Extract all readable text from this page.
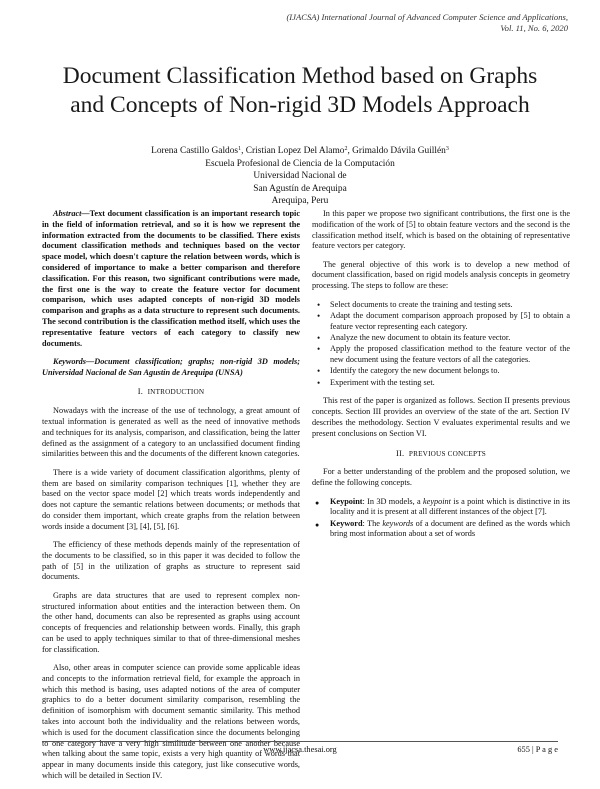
(IJACSA) International Journal of Advanced Computer Science and Applications,
Vol. 11, No. 6, 2020
Document Classification Method based on Graphs
and Concepts of Non-rigid 3D Models Approach
Lorena Castillo Galdos$^1$, Cristian Lopez Del Alamo$^2$, Grimaldo Dávila Guillén$^3$
Escuela Profesional de Ciencia de la Computación
Universidad Nacional de
San Agustín de Arequipa
Arequipa, Peru

Abstract—Text document classification is an important research topic in the field of information retrieval, and so it is how we represent the information extracted from the documents to be classified. There exists document classification methods and techniques based on the vector space model, which doesn't capture the relation between words, which is considered of importance to make a better comparison and therefore classification. For this reason, two significant contributions were made, the first one is the way to create the feature vector for document comparison, which uses adapted concepts of non-rigid 3D models comparison and graphs as a data structure to represent such documents. The second contribution is the classification method itself, which uses the representative feature vectors of each category to classify new documents.

Keywords—Document classification; graphs; non-rigid 3D models; Universidad Nacional de San Agustin de Arequipa (UNSA)

I. INTRODUCTION

Nowadays with the increase of the use of technology, a great amount of textual information is generated as well as the need of innovative methods and techniques for its analysis, comparison, and classification, being the latter defined as the assignment of a category to an unclassified document finding similarities between this and the documents of the different known categories.

There is a wide variety of document classification algorithms, plenty of them are based on similarity comparison techniques [1], whether they are based on the vector space model [2] which treats words independently and does not capture the semantic relations between documents; or methods that do consider them important, which create graphs from the relation between words inside a document [3], [4], [5], [6].

The efficiency of these methods depends mainly of the representation of the documents to be classified, so in this paper it was decided to follow the path of [5] in the utilization of graphs as structure to represent said documents.

Graphs are data structures that are used to represent complex non-structured information about entities and the interaction between them. On the other hand, documents can also be represented as graphs using account concepts of frequencies and relationship between words. Finally, this graph can be used to apply techniques similar to that of three-dimensional meshes for classification.

Also, other areas in computer science can provide some applicable ideas and concepts to the information retrieval field, for example the approach in which this method is basing, uses adapted notions of the area of computer graphics to do a better document similarity comparison, resembling the definition of isomorphism with document semantic similarity. This method takes into account both the individuality and the relations between words, which is used for the document classification since the documents belonging to one category have a very high similitude between one another because when talking about the same topic, exists a very high quantity of words that appear in many documents inside this category, just like consecutive words, which will be detailed in Section IV.

In this paper we propose two significant contributions, the first one is the modification of the work of [5] to obtain feature vectors and the second is the classification method itself, which is based on the obtaining of representative feature vectors per category.

The general objective of this work is to develop a new method of document classification, based on rigid models analysis concepts in geometry processing. The steps to follow are these:

• Select documents to create the training and testing sets.
• Adapt the document comparison approach proposed by [5] to obtain a feature vector representing each category.
• Analyze the new document to obtain its feature vector.
• Apply the proposed classification method to the feature vector of the new document using the feature vectors of all the categories.
• Identify the category the new document belongs to.
• Experiment with the testing set.

This rest of the paper is organized as follows. Section II presents previous concepts. Section III provides an overview of the state of the art. Section IV describes the methodology. Section V evaluates experimental results and we present conclusions on Section VI.

II. PREVIOUS CONCEPTS

For a better understanding of the problem and the proposed solution, we define the following concepts.

● Keypoint: In 3D models, a keypoint is a point which is distinctive in its locality and it is present at all different instances of the object [7].
● Keyword: The keywords of a document are defined as the words which bring most information about a set of words
www.ijacsa.thesai.org	655 | P a g e
